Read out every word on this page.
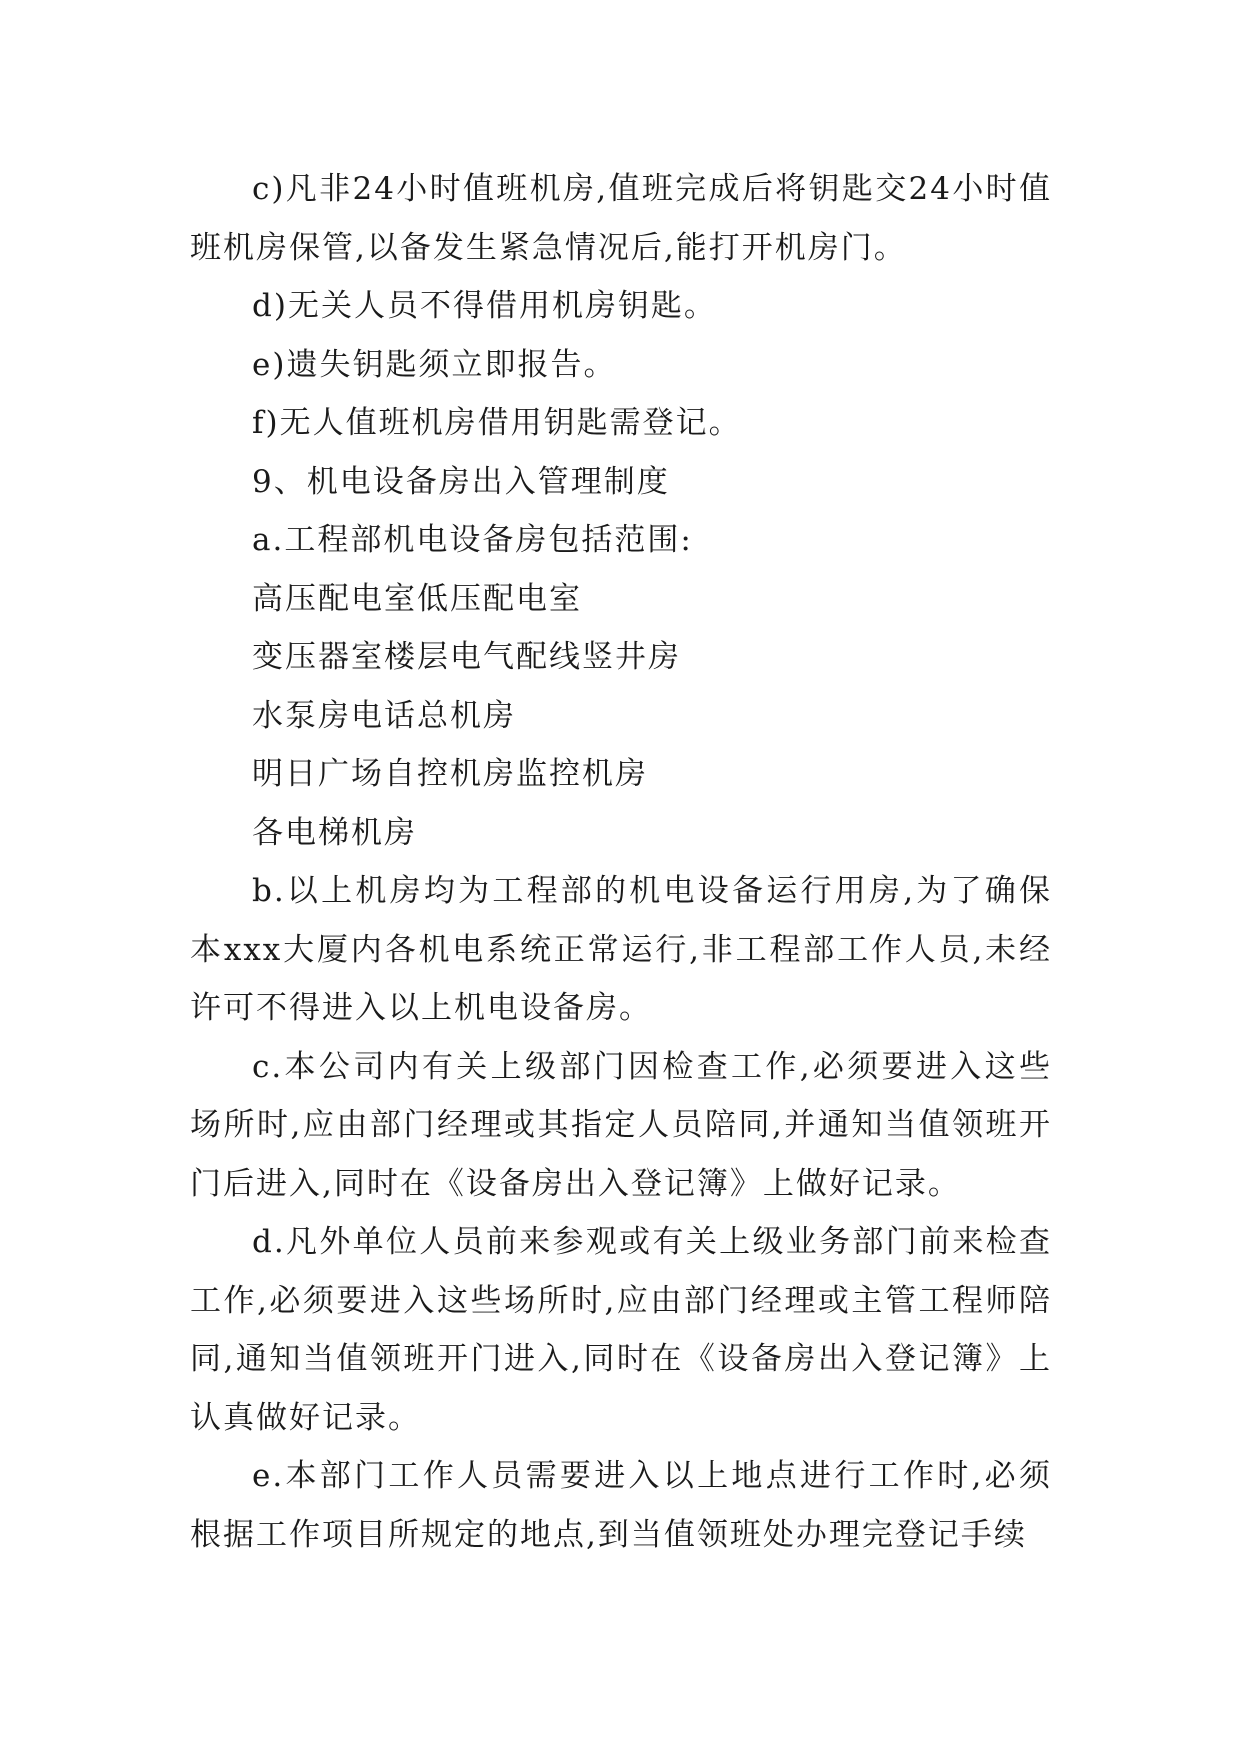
c)凡非24小时值班机房,值班完成后将钥匙交24小时值班机房保管,以备发生紧急情况后,能打开机房门。

d)无关人员不得借用机房钥匙。

e)遗失钥匙须立即报告。

f)无人值班机房借用钥匙需登记。

9、机电设备房出入管理制度

a.工程部机电设备房包括范围:

高压配电室低压配电室

变压器室楼层电气配线竖井房

水泵房电话总机房

明日广场自控机房监控机房

各电梯机房

b.以上机房均为工程部的机电设备运行用房,为了确保本xxx大厦内各机电系统正常运行,非工程部工作人员,未经许可不得进入以上机电设备房。

c.本公司内有关上级部门因检查工作,必须要进入这些场所时,应由部门经理或其指定人员陪同,并通知当值领班开门后进入,同时在《设备房出入登记簿》上做好记录。

d.凡外单位人员前来参观或有关上级业务部门前来检查工作,必须要进入这些场所时,应由部门经理或主管工程师陪同,通知当值领班开门进入,同时在《设备房出入登记簿》上认真做好记录。

e.本部门工作人员需要进入以上地点进行工作时,必须根据工作项目所规定的地点,到当值领班处办理完登记手续
